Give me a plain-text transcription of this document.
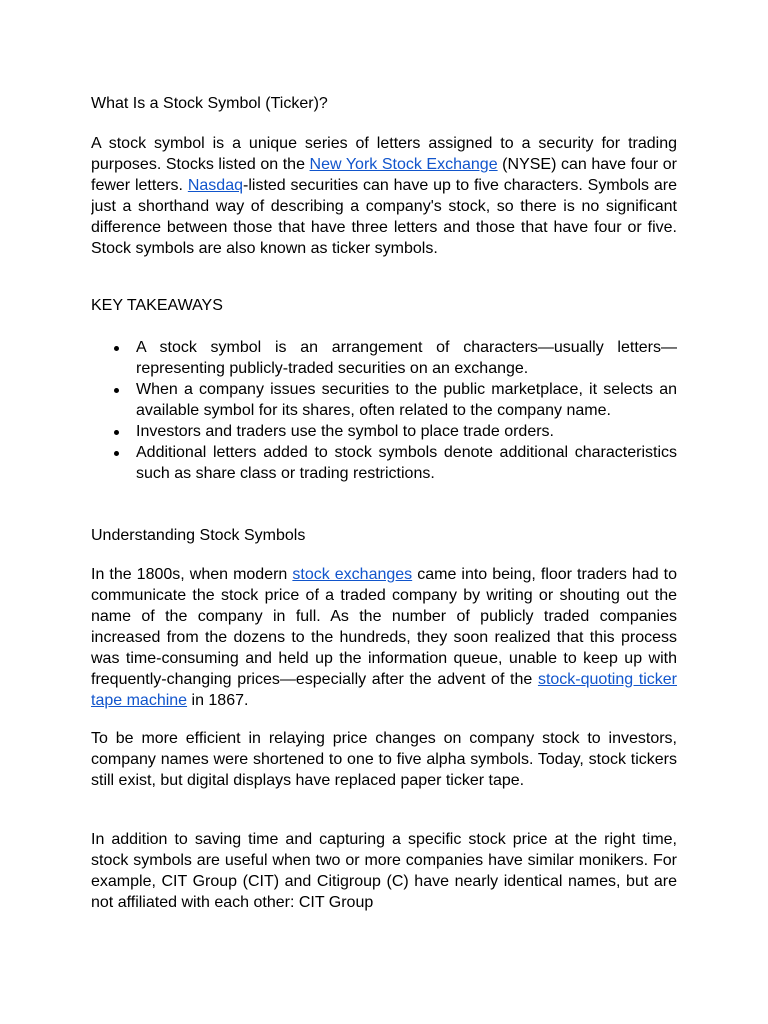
What Is a Stock Symbol (Ticker)?

A stock symbol is a unique series of letters assigned to a security for trading purposes. Stocks listed on the New York Stock Exchange (NYSE) can have four or fewer letters. Nasdaq-listed securities can have up to five characters. Symbols are just a shorthand way of describing a company's stock, so there is no significant difference between those that have three letters and those that have four or five. Stock symbols are also known as ticker symbols.

KEY TAKEAWAYS
A stock symbol is an arrangement of characters—usually letters—representing publicly-traded securities on an exchange.
When a company issues securities to the public marketplace, it selects an available symbol for its shares, often related to the company name.
Investors and traders use the symbol to place trade orders.
Additional letters added to stock symbols denote additional characteristics such as share class or trading restrictions.
Understanding Stock Symbols

In the 1800s, when modern stock exchanges came into being, floor traders had to communicate the stock price of a traded company by writing or shouting out the name of the company in full. As the number of publicly traded companies increased from the dozens to the hundreds, they soon realized that this process was time-consuming and held up the information queue, unable to keep up with frequently-changing prices—especially after the advent of the stock-quoting ticker tape machine in 1867.

To be more efficient in relaying price changes on company stock to investors, company names were shortened to one to five alpha symbols. Today, stock tickers still exist, but digital displays have replaced paper ticker tape.

In addition to saving time and capturing a specific stock price at the right time, stock symbols are useful when two or more companies have similar monikers. For example, CIT Group (CIT) and Citigroup (C) have nearly identical names, but are not affiliated with each other: CIT Group
